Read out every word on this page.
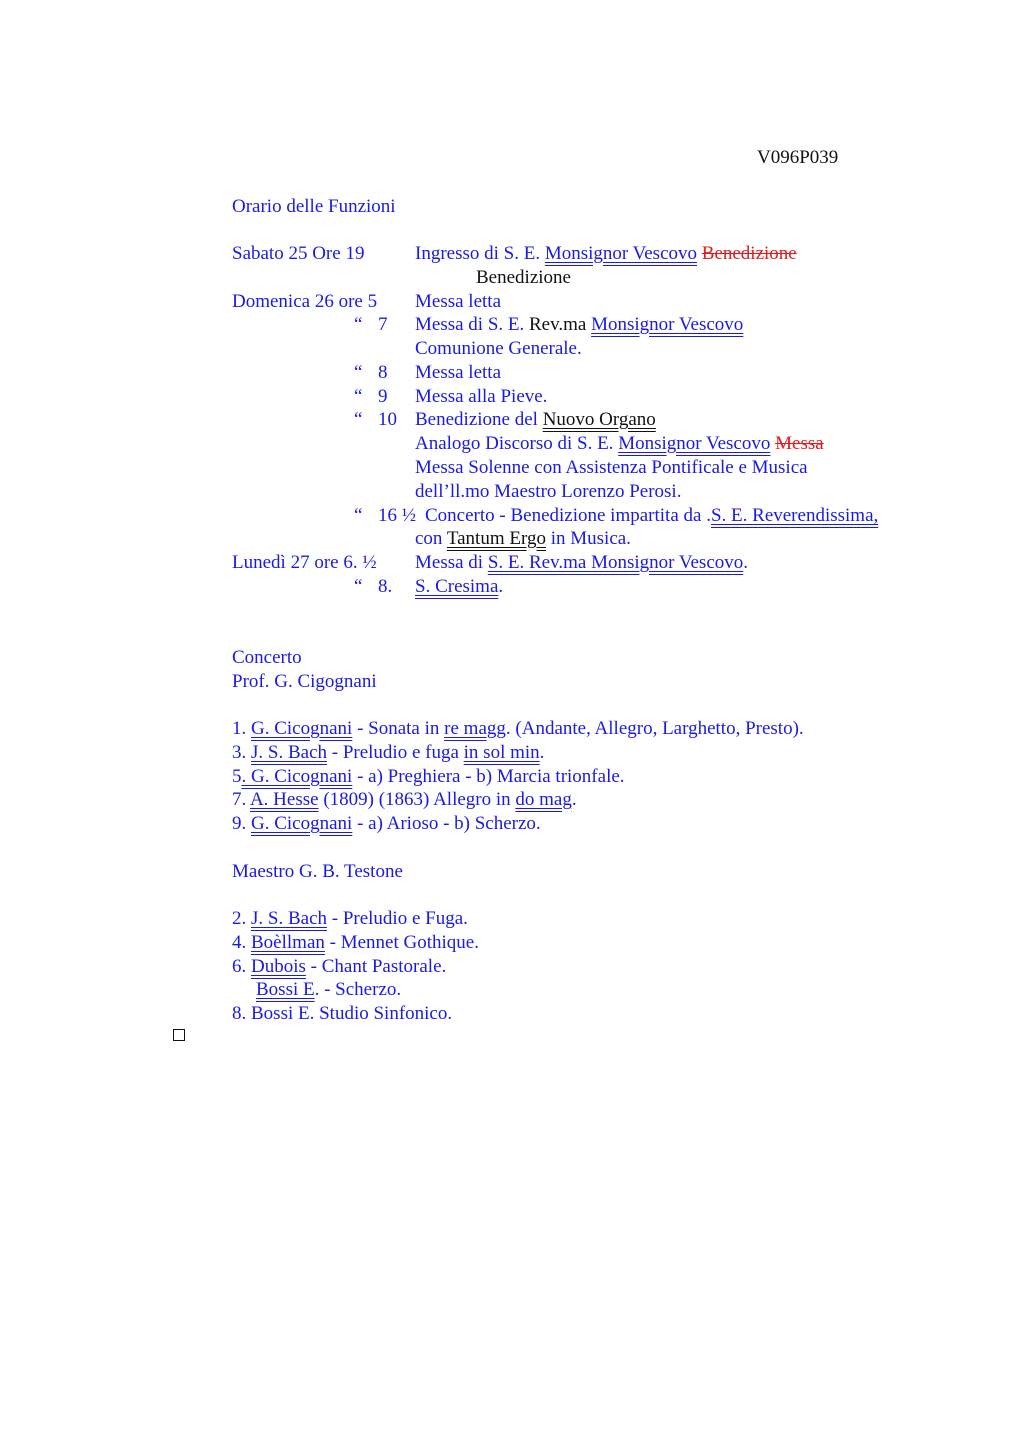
V096P039
Orario delle Funzioni
Sabato 25 Ore 19	Ingresso di S. E. Monsignor Vescovo Benedizione
Benedizione
Domenica 26 ore 5 Messa letta
“ 7 Messa di S. E. Rev.ma Monsignor Vescovo
Comunione Generale.
“ 8 Messa letta
“ 9 Messa alla Pieve.
“ 10 Benedizione del Nuovo Organo
Analogo Discorso di S. E. Monsignor Vescovo Messa
Messa Solenne con Assistenza Pontificale e Musica
dell’ll.mo Maestro Lorenzo Perosi.
“ 16 ½ Concerto - Benedizione impartita da .S. E. Reverendissima,
con Tantum Ergo in Musica.
Lunedì 27 ore 6. ½ Messa di S. E. Rev.ma Monsignor Vescovo.
“ 8. S. Cresima.
Concerto
Prof. G. Cigognani
1. G. Cicognani - Sonata in re magg. (Andante, Allegro, Larghetto, Presto).
3. J. S. Bach - Preludio e fuga in sol min.
5. G. Cicognani - a) Preghiera - b) Marcia trionfale.
7. A. Hesse (1809) (1863) Allegro in do mag.
9. G. Cicognani - a) Arioso - b) Scherzo.
Maestro G. B. Testone
2. J. S. Bach - Preludio e Fuga.
4. Boèllman - Mennet Gothique.
6. Dubois - Chant Pastorale.
Bossi E. - Scherzo.
8. Bossi E. Studio Sinfonico.
